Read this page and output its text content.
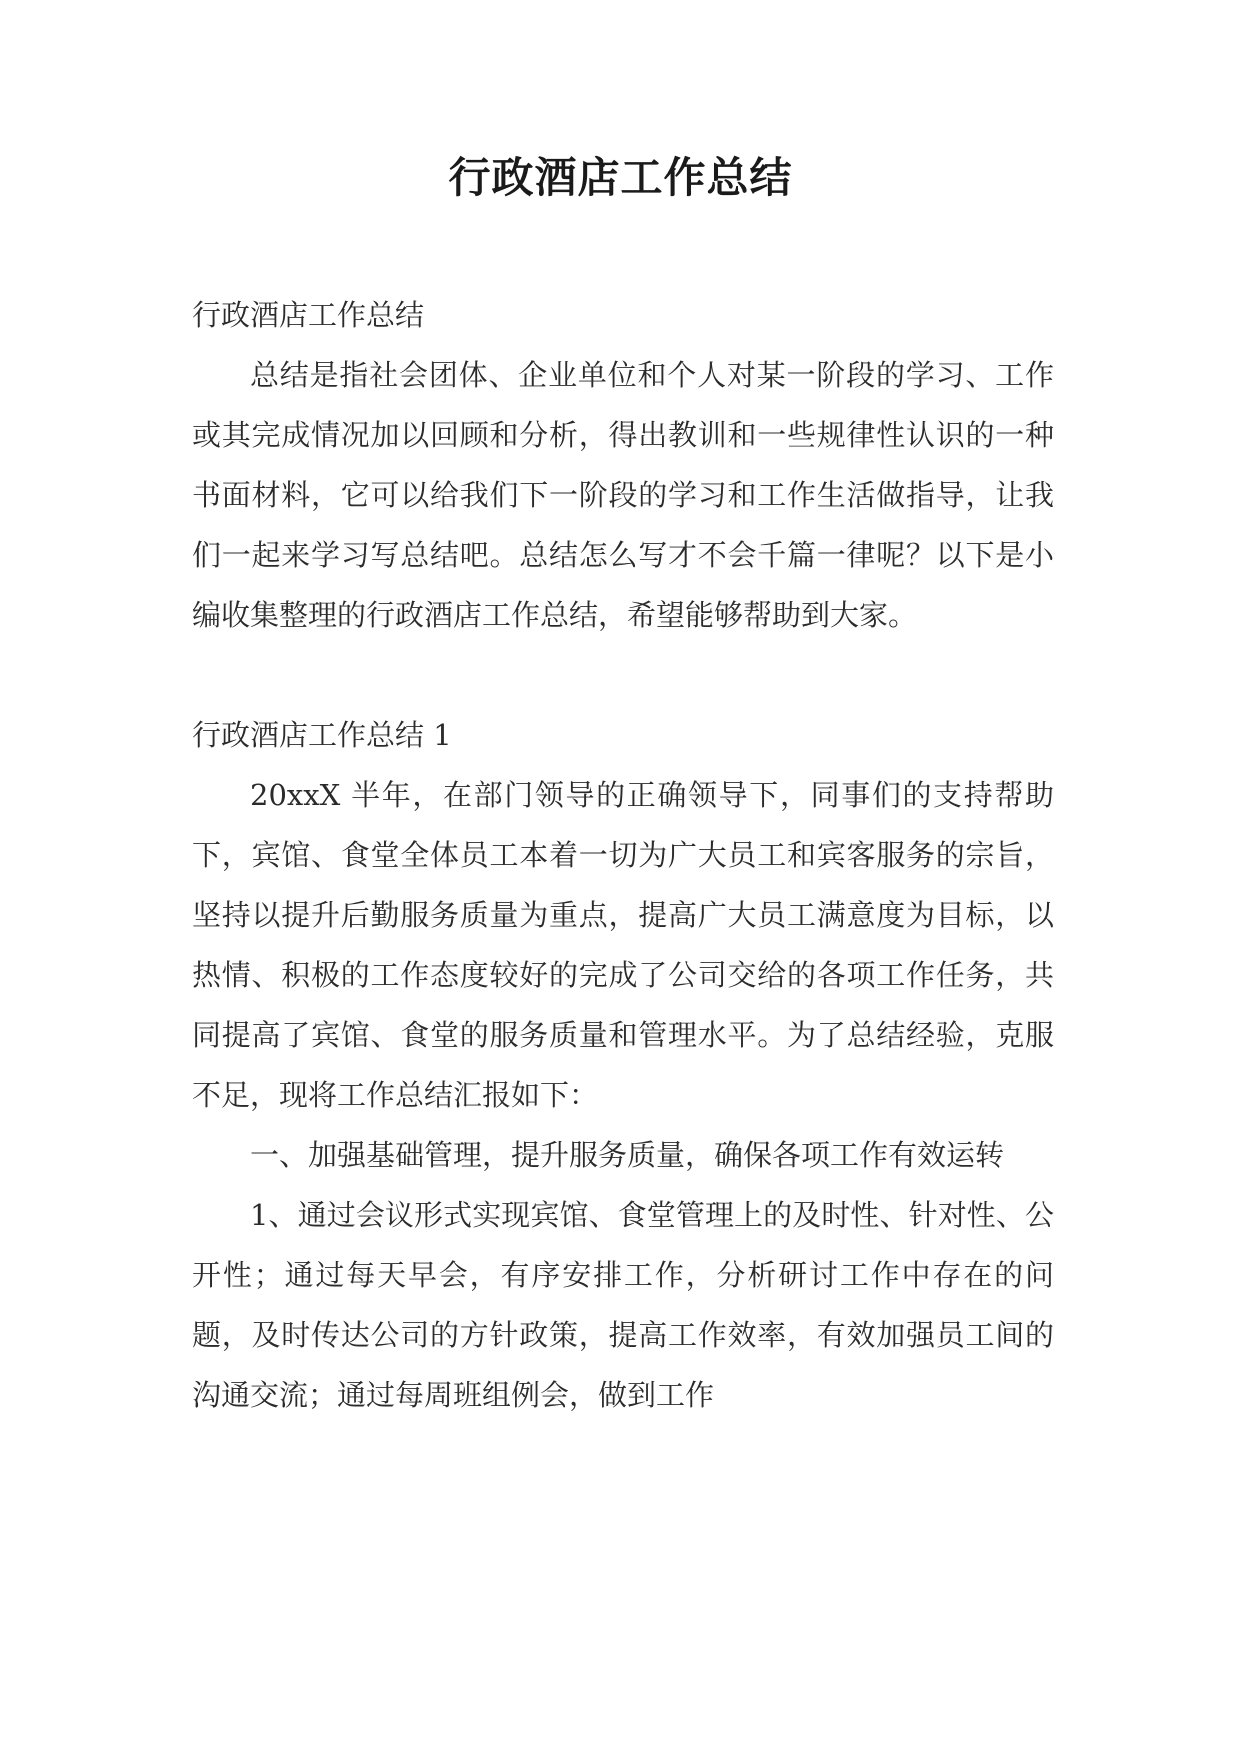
行政酒店工作总结

行政酒店工作总结

总结是指社会团体、企业单位和个人对某一阶段的学习、工作或其完成情况加以回顾和分析，得出教训和一些规律性认识的一种书面材料，它可以给我们下一阶段的学习和工作生活做指导，让我们一起来学习写总结吧。总结怎么写才不会千篇一律呢？以下是小编收集整理的行政酒店工作总结，希望能够帮助到大家。

行政酒店工作总结 1

20xxX 半年，在部门领导的正确领导下，同事们的支持帮助下，宾馆、食堂全体员工本着一切为广大员工和宾客服务的宗旨，坚持以提升后勤服务质量为重点，提高广大员工满意度为目标，以热情、积极的工作态度较好的完成了公司交给的各项工作任务，共同提高了宾馆、食堂的服务质量和管理水平。为了总结经验，克服不足，现将工作总结汇报如下：

一、加强基础管理，提升服务质量，确保各项工作有效运转

1、通过会议形式实现宾馆、食堂管理上的及时性、针对性、公开性；通过每天早会，有序安排工作，分析研讨工作中存在的问题，及时传达公司的方针政策，提高工作效率，有效加强员工间的沟通交流；通过每周班组例会，做到工作
